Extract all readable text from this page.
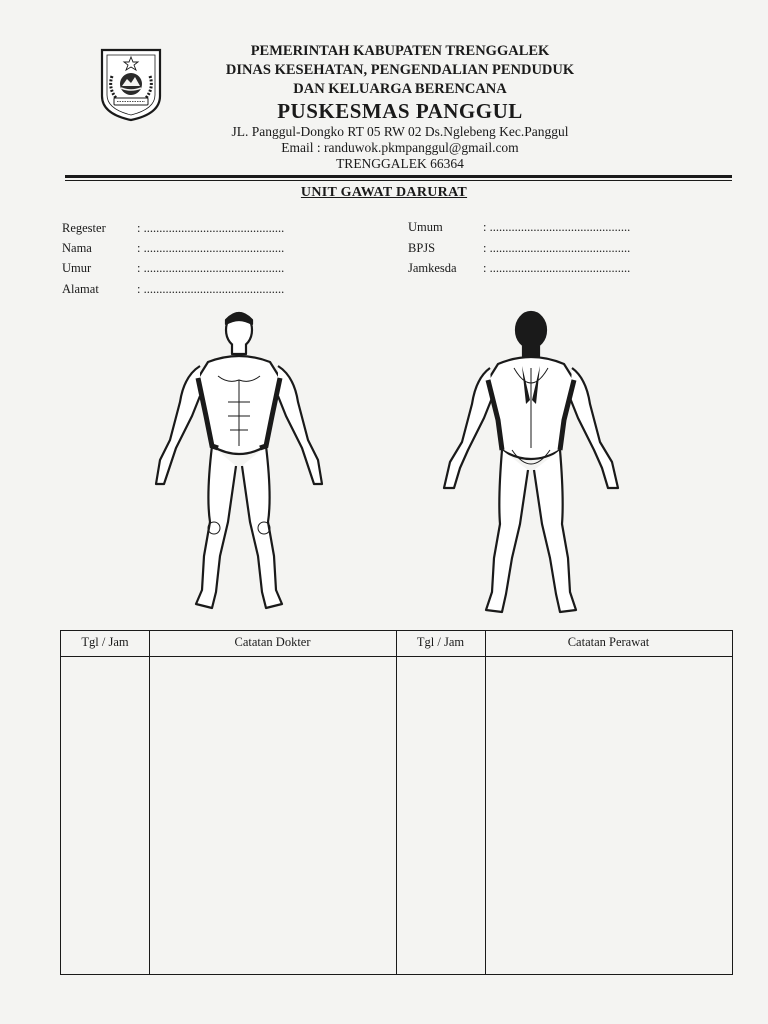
PEMERINTAH KABUPATEN TRENGGALEK
DINAS KESEHATAN, PENGENDALIAN PENDUDUK
DAN KELUARGA BERENCANA
PUSKESMAS PANGGUL
JL. Panggul-Dongko RT 05 RW 02 Ds.Nglebeng Kec.Panggul
Email : randuwok.pkmpanggul@gmail.com
TRENGGALEK 66364
UNIT GAWAT DARURAT
Regester	: .............................................
Nama	: .............................................
Umur	: .............................................
Alamat	: .............................................
Umum	: .............................................
BPJS	: .............................................
Jamkesda : .............................................
Tgl / Jam	Catatan Dokter	Tgl / Jam	Catatan Perawat
